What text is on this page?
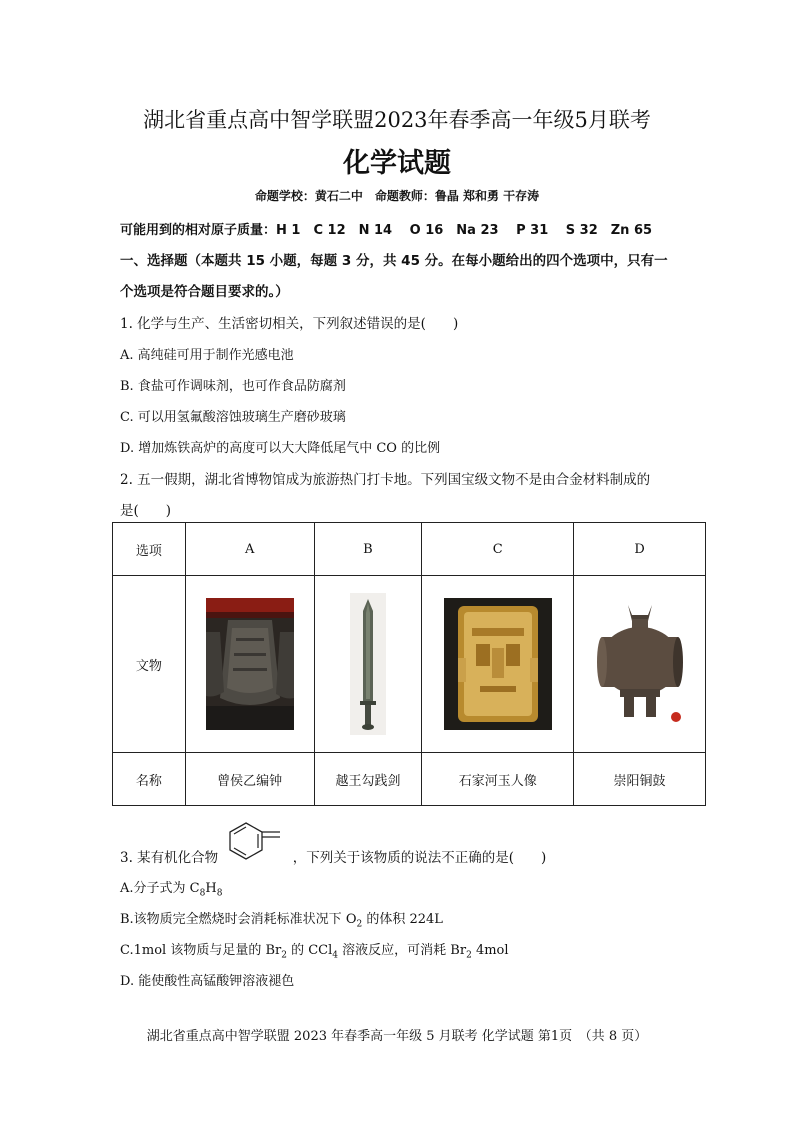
湖北省重点高中智学联盟2023年春季高一年级5月联考
化学试题
命题学校：黄石二中　命题教师：鲁晶 郑和勇 干存涛
可能用到的相对原子质量：H 1　C 12　N 14　 O 16　Na 23　 P 31　 S 32　Zn 65
一、选择题（本题共 15 小题，每题 3 分，共 45 分。在每小题给出的四个选项中，只有一
个选项是符合题目要求的。）
1. 化学与生产、生活密切相关，下列叙述错误的是(　　)
A. 高纯硅可用于制作光感电池
B. 食盐可作调味剂，也可作食品防腐剂
C. 可以用氢氟酸溶蚀玻璃生产磨砂玻璃
D. 增加炼铁高炉的高度可以大大降低尾气中 CO 的比例
2. 五一假期，湖北省博物馆成为旅游热门打卡地。下列国宝级文物不是由合金材料制成的
是(　　)
选项	A	B	C	D
文物	

名称	曾侯乙编钟	越王勾践剑	石家河玉人像	崇阳铜鼓
3. 某有机化合物	，下列关于该物质的说法不正确的是(　　)
A.分子式为 $C_8H_8$
B.该物质完全燃烧时会消耗标准状况下 $O_2$ 的体积 224L
C.1mol 该物质与足量的 $Br_2$ 的 CCl$_4$ 溶液反应，可消耗 $Br_2$ 4mol
D. 能使酸性高锰酸钾溶液褪色
湖北省重点高中智学联盟 2023 年春季高一年级 5 月联考 化学试题 第1页　（共 8 页）
